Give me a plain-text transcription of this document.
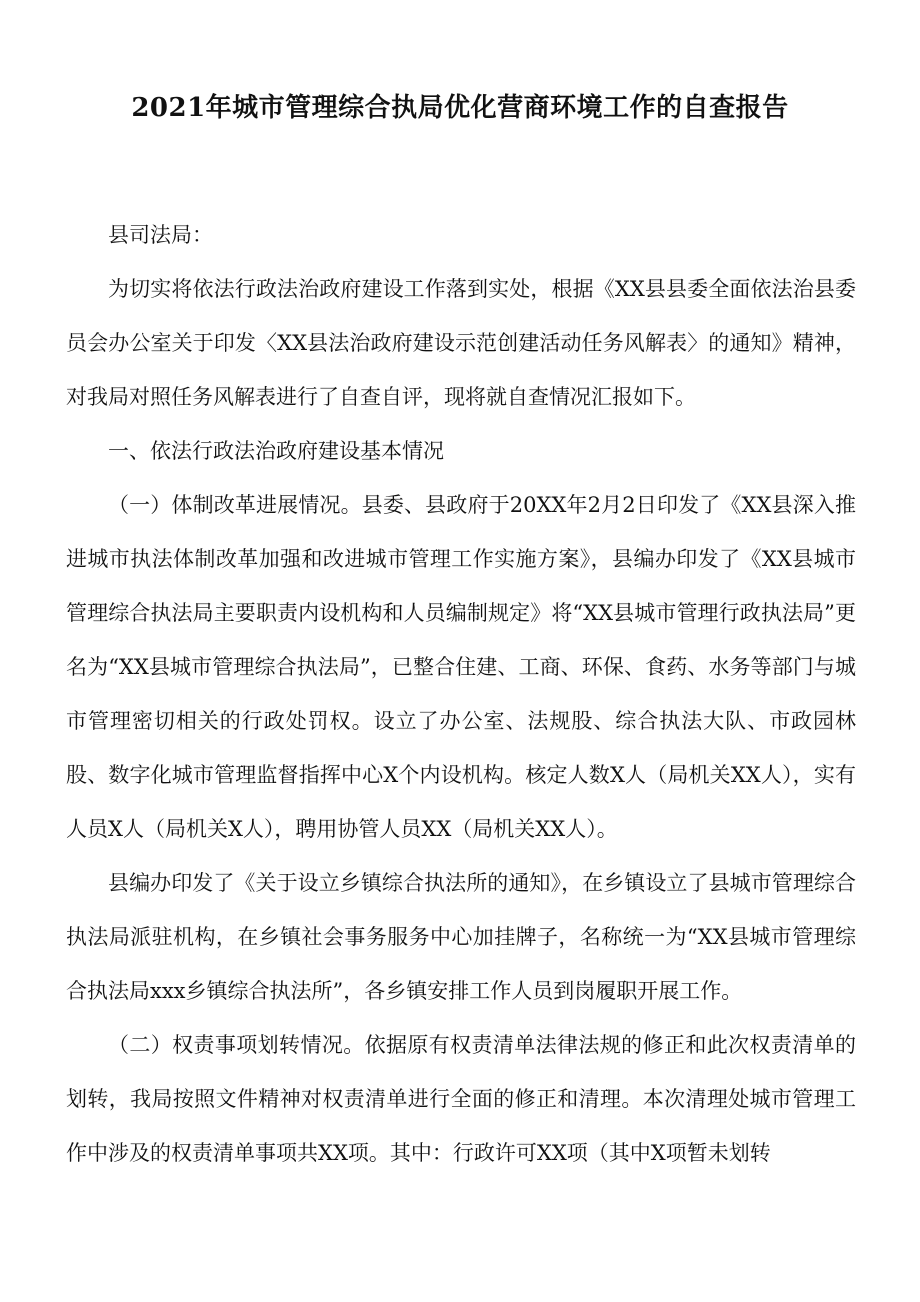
2021年城市管理综合执局优化营商环境工作的自查报告

县司法局：

为切实将依法行政法治政府建设工作落到实处，根据《XX县县委全面依法治县委员会办公室关于印发〈XX县法治政府建设示范创建活动任务风解表〉的通知》精神，对我局对照任务风解表进行了自查自评，现将就自查情况汇报如下。

一、依法行政法治政府建设基本情况

（一）体制改革进展情况。县委、县政府于20XX年2月2日印发了《XX县深入推进城市执法体制改革加强和改进城市管理工作实施方案》，县编办印发了《XX县城市管理综合执法局主要职责内设机构和人员编制规定》将“XX县城市管理行政执法局”更名为“XX县城市管理综合执法局”，已整合住建、工商、环保、食药、水务等部门与城市管理密切相关的行政处罚权。设立了办公室、法规股、综合执法大队、市政园林股、数字化城市管理监督指挥中心X个内设机构。核定人数X人（局机关XX人），实有人员X人（局机关X人），聘用协管人员XX（局机关XX人）。

县编办印发了《关于设立乡镇综合执法所的通知》，在乡镇设立了县城市管理综合执法局派驻机构，在乡镇社会事务服务中心加挂牌子，名称统一为“XX县城市管理综合执法局xxx乡镇综合执法所”，各乡镇安排工作人员到岗履职开展工作。

（二）权责事项划转情况。依据原有权责清单法律法规的修正和此次权责清单的划转，我局按照文件精神对权责清单进行全面的修正和清理。本次清理处城市管理工作中涉及的权责清单事项共XX项。其中：行政许可XX项（其中X项暂未划转
